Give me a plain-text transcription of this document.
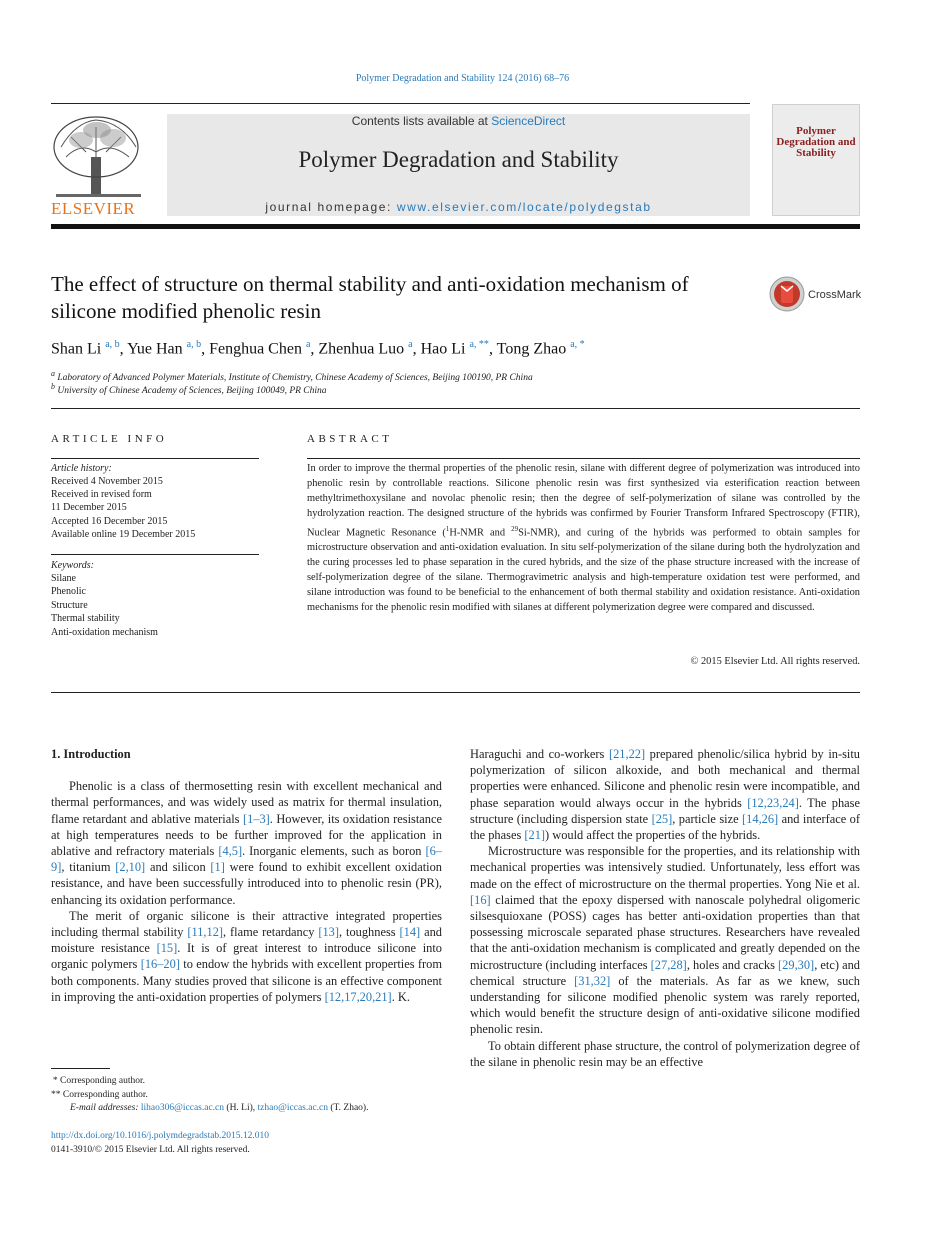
Polymer Degradation and Stability 124 (2016) 68–76
ELSEVIER
Contents lists available at ScienceDirect
Polymer Degradation and Stability
journal homepage: www.elsevier.com/locate/polydegstab
Polymer Degradation and Stability
The effect of structure on thermal stability and anti-oxidation mechanism of silicone modified phenolic resin
CrossMark
Shan Li $^{a, b}$, Yue Han $^{a, b}$, Fenghua Chen $^a$, Zhenhua Luo $^a$, Hao Li $^{a, **}$, Tong Zhao $^{a, *}$
$^a$ Laboratory of Advanced Polymer Materials, Institute of Chemistry, Chinese Academy of Sciences, Beijing 100190, PR China
$^b$ University of Chinese Academy of Sciences, Beijing 100049, PR China
ARTICLE INFO	ABSTRACT
Article history:
Received 4 November 2015
Received in revised form
11 December 2015
Accepted 16 December 2015
Available online 19 December 2015
Keywords:
Silane
Phenolic
Structure
Thermal stability
Anti-oxidation mechanism
In order to improve the thermal properties of the phenolic resin, silane with different degree of polymerization was introduced into phenolic resin by controllable reactions. Silicone phenolic resin was first synthesized via esterification reaction between methyltrimethoxysilane and novolac phenolic resin; then the degree of self-polymerization of silane was controlled by the hydrolyzation reaction. The designed structure of the hybrids was confirmed by Fourier Transform Infrared Spectroscopy (FTIR), Nuclear Magnetic Resonance ($^1$H-NMR and $^{29}$Si-NMR), and curing of the hybrids was performed to obtain samples for microstructure observation and anti-oxidation evaluation. In situ self-polymerization of the silane during both the hydrolyzation and the curing processes led to phase separation in the cured hybrids, and the size of the phase structure increased with the increase of self-polymerization degree of the silane. Thermogravimetric analysis and high-temperature oxidation test were performed, and silane introduction was found to be beneficial to the enhancement of both thermal stability and oxidation resistance. Anti-oxidation mechanisms for the phenolic resin modified with silanes at different polymerization degree were compared and discussed.
© 2015 Elsevier Ltd. All rights reserved.

1. Introduction

Phenolic is a class of thermosetting resin with excellent mechanical and thermal performances, and was widely used as matrix for thermal insulation, flame retardant and ablative materials [1–3]. However, its oxidation resistance at high temperatures needs to be further improved for the application in ablative and refractory materials [4,5]. Inorganic elements, such as boron [6–9], titanium [2,10] and silicon [1] were found to exhibit excellent oxidation resistance, and have been successfully introduced into to phenolic resin (PR), enhancing its oxidation performance.

The merit of organic silicone is their attractive integrated properties including thermal stability [11,12], flame retardancy [13], toughness [14] and moisture resistance [15]. It is of great interest to introduce silicone into organic polymers [16–20] to endow the hybrids with excellent properties from both components. Many studies proved that silicone is an effective component in improving the anti-oxidation properties of polymers [12,17,20,21]. K.

Haraguchi and co-workers [21,22] prepared phenolic/silica hybrid by in-situ polymerization of silicon alkoxide, and both mechanical and thermal properties were enhanced. Silicone and phenolic resin were incompatible, and phase separation would always occur in the hybrids [12,23,24]. The phase structure (including dispersion state [25], particle size [14,26] and interface of the phases [21]) would affect the properties of the hybrids.

Microstructure was responsible for the properties, and its relationship with mechanical properties was intensively studied. Unfortunately, less effort was made on the effect of microstructure on the thermal properties. Yong Nie et al. [16] claimed that the epoxy dispersed with nanoscale polyhedral oligomeric silsesquioxane (POSS) cages has better anti-oxidation properties than that possessing microscale separated phase structures. Researchers have revealed that the anti-oxidation mechanism is complicated and greatly depended on the microstructure (including interfaces [27,28], holes and cracks [29,30], etc) and chemical structure [31,32] of the materials. As far as we knew, such understanding for silicone modified phenolic system was rarely reported, which would benefit the structure design of anti-oxidative silicone modified phenolic resin.

To obtain different phase structure, the control of polymerization degree of the silane in phenolic resin may be an effective

 * Corresponding author.
** Corresponding author.
E-mail addresses: lihao306@iccas.ac.cn (H. Li), tzhao@iccas.ac.cn (T. Zhao).
http://dx.doi.org/10.1016/j.polymdegradstab.2015.12.010
0141-3910/© 2015 Elsevier Ltd. All rights reserved.
